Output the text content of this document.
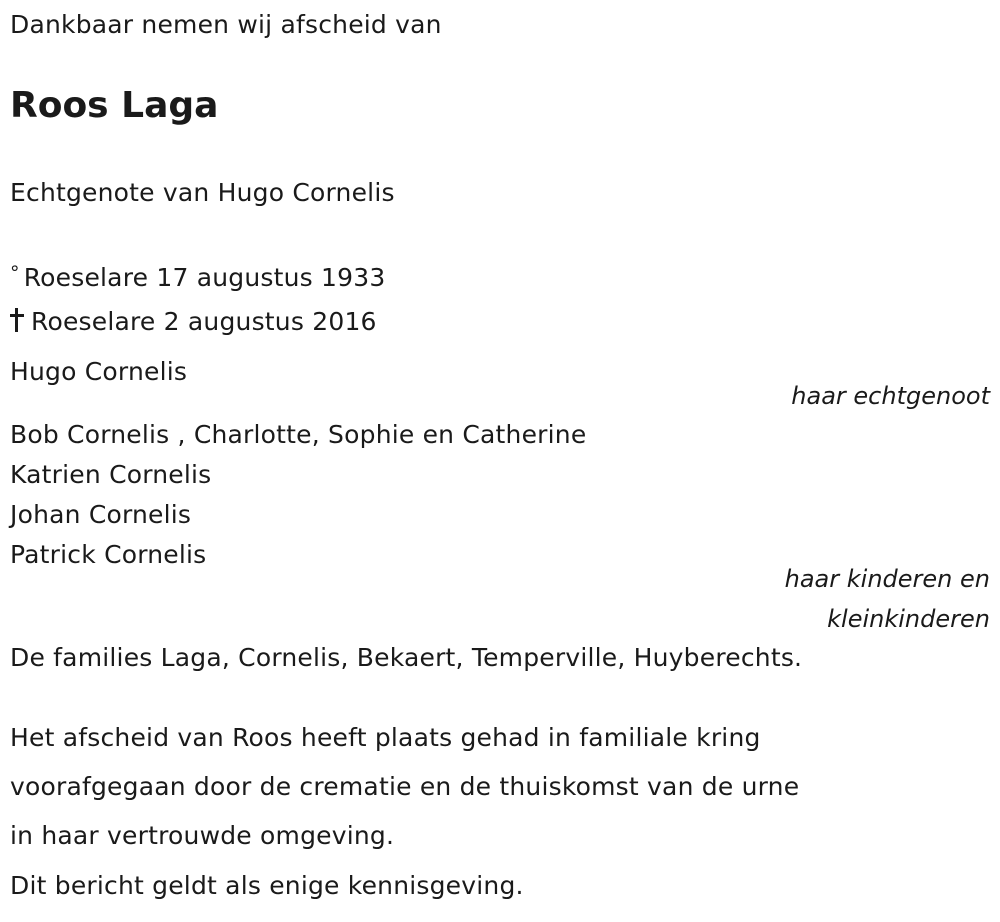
Dankbaar nemen wij afscheid van
Roos Laga
Echtgenote van Hugo Cornelis
° Roeselare 17 augustus 1933
Roeselare 2 augustus 2016
Hugo Cornelis
haar echtgenoot
Bob Cornelis , Charlotte, Sophie en Catherine
Katrien Cornelis
Johan Cornelis
Patrick Cornelis
haar kinderen en
kleinkinderen
De families Laga, Cornelis, Bekaert, Temperville, Huyberechts.
Het afscheid van Roos heeft plaats gehad in familiale kring
voorafgegaan door de crematie en de thuiskomst van de urne
in haar vertrouwde omgeving.
Dit bericht geldt als enige kennisgeving.
